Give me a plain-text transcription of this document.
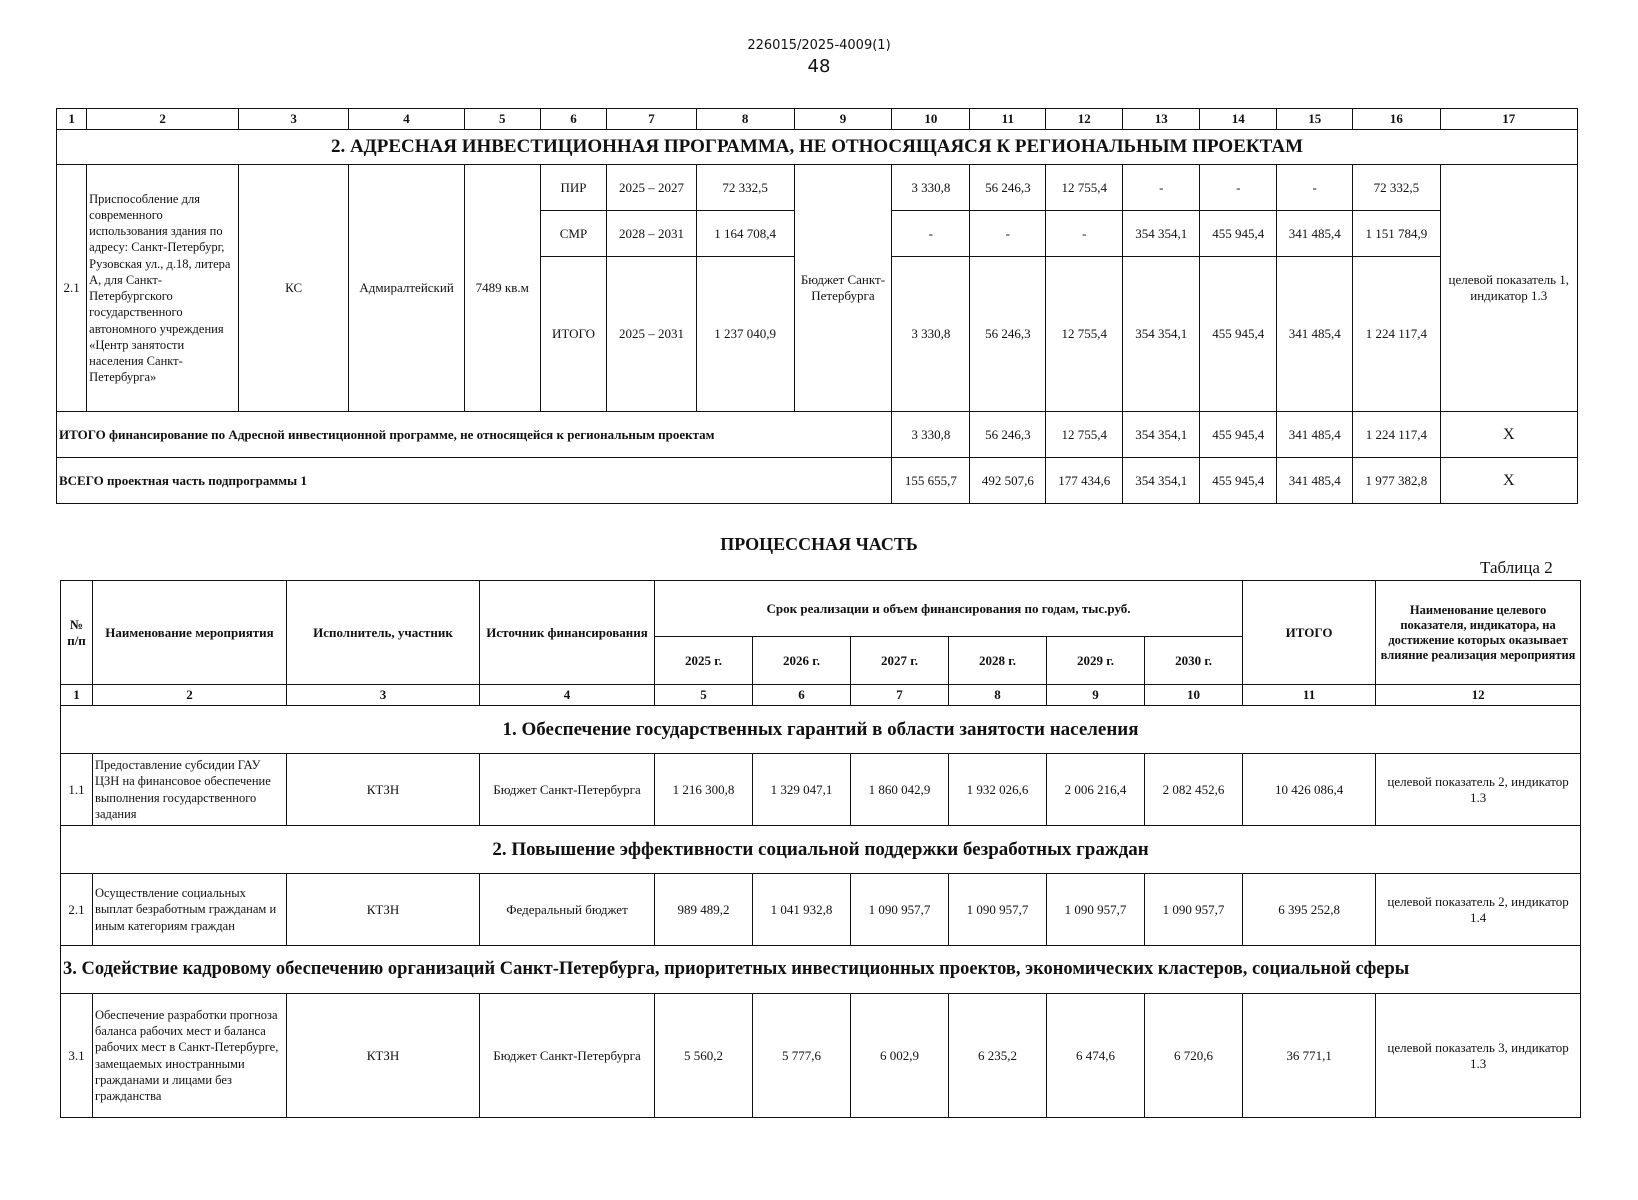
226015/2025-4009(1)
48
1	2	3	4	5	6	7	8	9	10	11	12	13	14	15	16	17
2. АДРЕСНАЯ ИНВЕСТИЦИОННАЯ ПРОГРАММА, НЕ ОТНОСЯЩАЯСЯ К РЕГИОНАЛЬНЫМ ПРОЕКТАМ																
2.1	Приспособление для современного использования здания по адресу: Санкт-Петербург, Рузовская ул., д.18, литера А, для Санкт-Петербургского государственного автономного учреждения «Центр занятости населения Санкт-Петербурга»	КС	Адмиралтейский	7489 кв.м	ПИР	2025 – 2027	72 332,5	Бюджет Санкт-Петербурга	3 330,8	56 246,3	12 755,4	-	-	-	72 332,5	целевой показатель 1, индикатор 1.3
					СМР	2028 – 2031	1 164 708,4		-	-	-	354 354,1	455 945,4	341 485,4	1 151 784,9	
					ИТОГО	2025 – 2031	1 237 040,9		3 330,8	56 246,3	12 755,4	354 354,1	455 945,4	341 485,4	1 224 117,4	
ИТОГО финансирование по Адресной инвестиционной программе, не относящейся к региональным проектам									3 330,8	56 246,3	12 755,4	354 354,1	455 945,4	341 485,4	1 224 117,4	X
ВСЕГО проектная часть подпрограммы 1									155 655,7	492 507,6	177 434,6	354 354,1	455 945,4	341 485,4	1 977 382,8	X
ПРОЦЕССНАЯ ЧАСТЬ
Таблица 2
№ п/п	Наименование мероприятия	Исполнитель, участник	Источник финансирования	Срок реализации и объем финансирования по годам, тыс.руб.						ИТОГО	Наименование целевого показателя, индикатора, на достижение которых оказывает влияние реализация мероприятия
				2025 г.	2026 г.	2027 г.	2028 г.	2029 г.	2030 г.		
1	2	3	4	5	6	7	8	9	10	11	12
1. Обеспечение государственных гарантий в области занятости населения											
1.1	Предоставление субсидии ГАУ ЦЗН на финансовое обеспечение выполнения государственного задания	КТЗН	Бюджет Санкт-Петербурга	1 216 300,8	1 329 047,1	1 860 042,9	1 932 026,6	2 006 216,4	2 082 452,6	10 426 086,4	целевой показатель 2, индикатор 1.3
2. Повышение эффективности социальной поддержки безработных граждан											
2.1	Осуществление социальных выплат безработным гражданам и иным категориям граждан	КТЗН	Федеральный бюджет	989 489,2	1 041 932,8	1 090 957,7	1 090 957,7	1 090 957,7	1 090 957,7	6 395 252,8	целевой показатель 2, индикатор 1.4
3. Содействие кадровому обеспечению организаций Санкт-Петербурга, приоритетных инвестиционных проектов, экономических кластеров, социальной сферы											
3.1	Обеспечение разработки прогноза баланса рабочих мест и баланса рабочих мест в Санкт-Петербурге, замещаемых иностранными гражданами и лицами без гражданства	КТЗН	Бюджет Санкт-Петербурга	5 560,2	5 777,6	6 002,9	6 235,2	6 474,6	6 720,6	36 771,1	целевой показатель 3, индикатор 1.3
